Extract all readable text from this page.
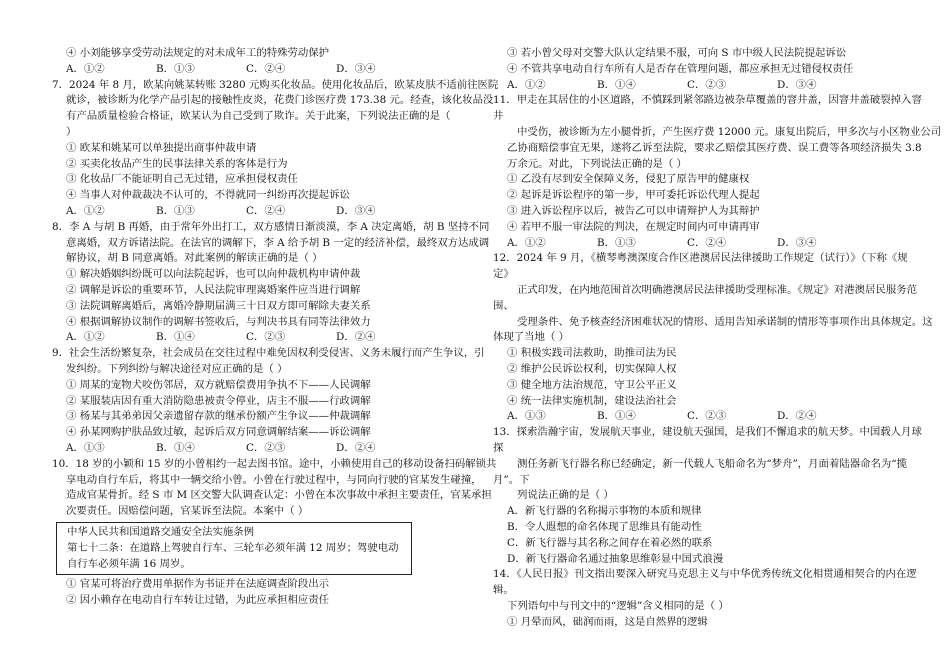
④ 小刘能够享受劳动法规定的对未成年工的特殊劳动保护
A．①②	B．①③	C．②④	D．③④
7．2024 年 8 月，欧某向姚某转账 3280 元购买化妆品。使用化妆品后，欧某皮肤不适前往医院
就诊，被诊断为化学产品引起的接触性皮炎，花费门诊医疗费 173.38 元。经查，该化妆品没
有产品质量检验合格证，欧某认为自己受到了欺诈。关于此案，下列说法正确的是（
）
① 欧某和姚某可以单独提出商事仲裁申请
② 买卖化妆品产生的民事法律关系的客体是行为
③ 化妆品厂不能证明自己无过错，应承担侵权责任
④ 当事人对仲裁裁决不认可的，不得就同一纠纷再次提起诉讼
A．①②	B．①③	C．②④	D．③④
8．李 A 与胡 B 再婚，由于常年外出打工，双方感情日渐淡漠，李 A 决定离婚，胡 B 坚持不同
意离婚，双方诉诸法院。在法官的调解下，李 A 给予胡 B 一定的经济补偿，最终双方达成调
解协议，胡 B 同意离婚。对此案例的解读正确的是（ ）
① 解决婚姻纠纷既可以向法院起诉，也可以向仲裁机构申请仲裁
② 调解是诉讼的重要环节，人民法院审理离婚案件应当进行调解
③ 法院调解离婚后，离婚冷静期届满三十日双方即可解除夫妻关系
④ 根据调解协议制作的调解书签收后，与判决书具有同等法律效力
A．①②	B．①④	C．②③	D．②④
9．社会生活纷繁复杂，社会成员在交往过程中难免因权利受侵害、义务未履行而产生争议，引
发纠纷。下列纠纷与解决途径对应正确的是（ ）
① 周某的宠物犬咬伤邻居，双方就赔偿费用争执不下——人民调解
② 某服装店因有重大消防隐患被责令停业，店主不服——行政调解
③ 杨某与其弟弟因父亲遗留存款的继承份额产生争议——仲裁调解
④ 孙某网购护肤品致过敏，起诉后双方同意调解结案——诉讼调解
A．①③	B．①④	C．②③	D．②④
10．18 岁的小颖和 15 岁的小曾相约一起去图书馆。途中，小赖使用自己的移动设备扫码解锁共
享电动自行车后，将其中一辆交给小曾。小曾在行驶过程中，与同向行驶的官某发生碰撞，
造成官某骨折。经 S 市 M 区交警大队调查认定：小曾在本次事故中承担主要责任，官某承担
次要责任。因赔偿问题，官某诉至法院。本案中（ ）
中华人民共和国道路交通安全法实施条例
第七十二条：在道路上驾驶自行车、三轮车必须年满 12 周岁；驾驶电动自行车必须年满 16 周岁。
① 官某可将治疗费用单据作为书证并在法庭调查阶段出示
② 因小赖存在电动自行车转让过错，为此应承担相应责任
③ 若小曾父母对交警大队认定结果不服，可向 S 市中级人民法院提起诉讼
④ 不管共享电动自行车所有人是否存在管理问题，都应承担无过错侵权责任
A．①②	B．①④	C．②③	D．③④
11．甲走在其居住的小区道路，不慎踩到紧邻路边被杂草覆盖的窨井盖，因窨井盖破裂掉入窨
井
中受伤，被诊断为左小腿骨折，产生医疗费 12000 元。康复出院后，甲多次与小区物业公司
乙协商赔偿事宜无果，遂将乙诉至法院，要求乙赔偿其医疗费、误工费等各项经济损失 3.8
万余元。对此，下列说法正确的是（ ）
① 乙没有尽到安全保障义务，侵犯了原告甲的健康权
② 起诉是诉讼程序的第一步，甲可委托诉讼代理人提起
③ 进入诉讼程序以后，被告乙可以申请辩护人为其辩护
④ 若甲不服一审法院的判决，在规定时间内可申请再审
A．①②	B．①③	C．②④	D．③④
12．2024 年 9 月，《横琴粤澳深度合作区港澳居民法律援助工作规定（试行）》（下称《规
定》
正式印发，在内地范围首次明确港澳居民法律援助受理标准。《规定》对港澳居民服务范
围、
受理条件、免予核查经济困难状况的情形、适用告知承诺制的情形等事项作出具体规定。这
体现了当地（ ）
① 积极实践司法救助，助推司法为民
② 维护公民诉讼权利，切实保障人权
③ 健全地方法治规范，守卫公平正义
④ 统一法律实施机制，建设法治社会
A．①③	B．①④	C．②③	D．②④
13．探索浩瀚宇宙，发展航天事业，建设航天强国，是我们不懈追求的航天梦。中国载人月球
探
测任务新飞行器名称已经确定，新一代载人飞船命名为“梦舟”，月面着陆器命名为“揽
月”。下
列说法正确的是（ ）
A．新飞行器的名称揭示事物的本质和规律
B．令人遐想的命名体现了思维具有能动性
C．新飞行器与其名称之间存在着必然的联系
D．新飞行器命名通过抽象思维彰显中国式浪漫
14．《人民日报》刊文指出要深入研究马克思主义与中华优秀传统文化相贯通相契合的内在逻
辑。
下列语句中与刊文中的“逻辑”含义相同的是（ ）
① 月晕而风，础润而雨，这是自然界的逻辑
